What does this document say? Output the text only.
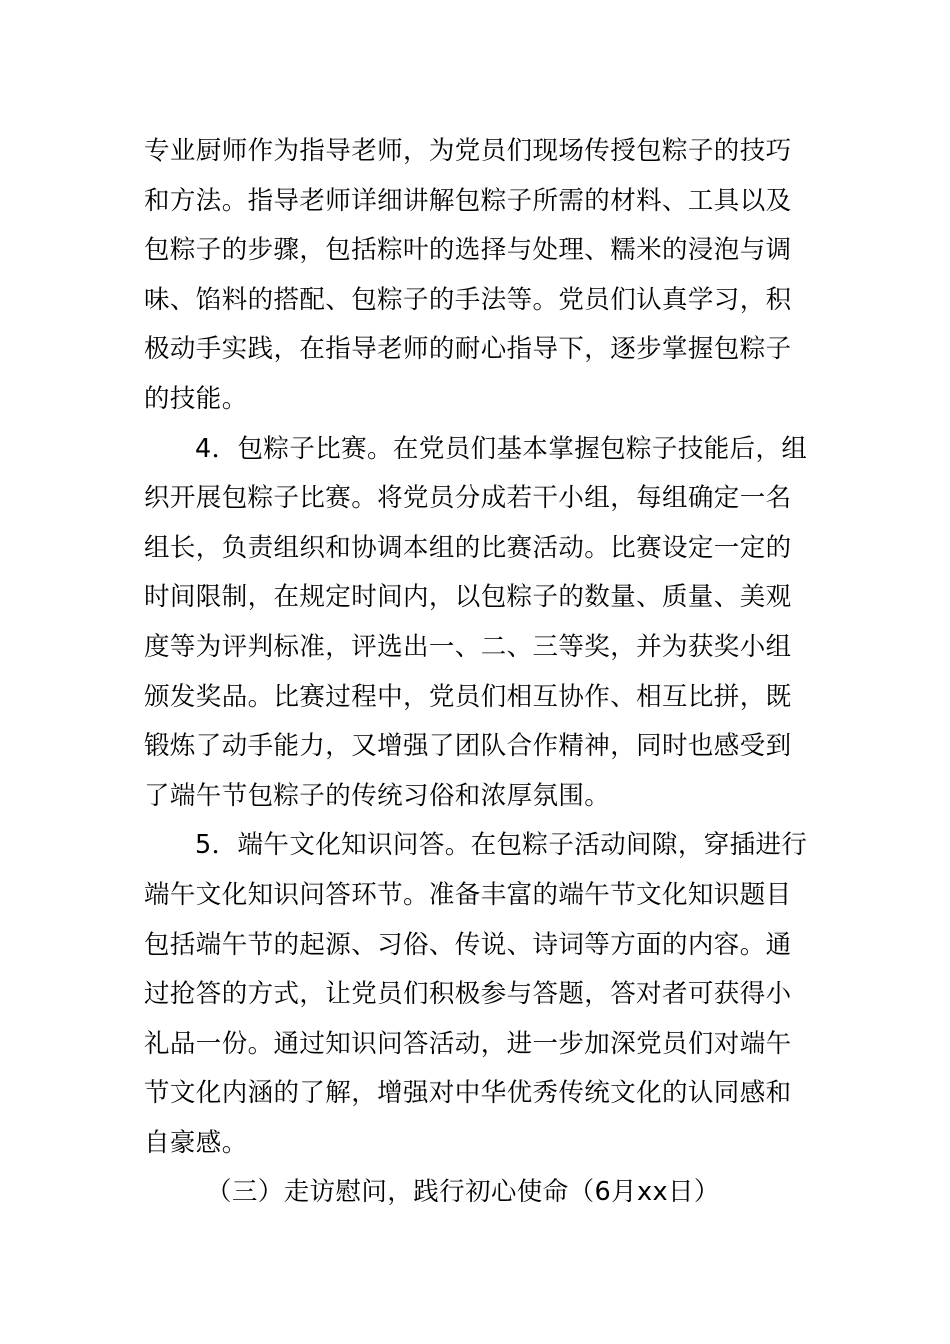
专业厨师作为指导老师，为党员们现场传授包粽子的技巧
和方法。指导老师详细讲解包粽子所需的材料、工具以及
包粽子的步骤，包括粽叶的选择与处理、糯米的浸泡与调
味、馅料的搭配、包粽子的手法等。党员们认真学习，积
极动手实践，在指导老师的耐心指导下，逐步掌握包粽子
的技能。
4．包粽子比赛。在党员们基本掌握包粽子技能后，组
织开展包粽子比赛。将党员分成若干小组，每组确定一名
组长，负责组织和协调本组的比赛活动。比赛设定一定的
时间限制，在规定时间内，以包粽子的数量、质量、美观
度等为评判标准，评选出一、二、三等奖，并为获奖小组
颁发奖品。比赛过程中，党员们相互协作、相互比拼，既
锻炼了动手能力，又增强了团队合作精神，同时也感受到
了端午节包粽子的传统习俗和浓厚氛围。
5．端午文化知识问答。在包粽子活动间隙，穿插进行
端午文化知识问答环节。准备丰富的端午节文化知识题目
包括端午节的起源、习俗、传说、诗词等方面的内容。通
过抢答的方式，让党员们积极参与答题，答对者可获得小
礼品一份。通过知识问答活动，进一步加深党员们对端午
节文化内涵的了解，增强对中华优秀传统文化的认同感和
自豪感。
（三）走访慰问，践行初心使命（6月xx日）
